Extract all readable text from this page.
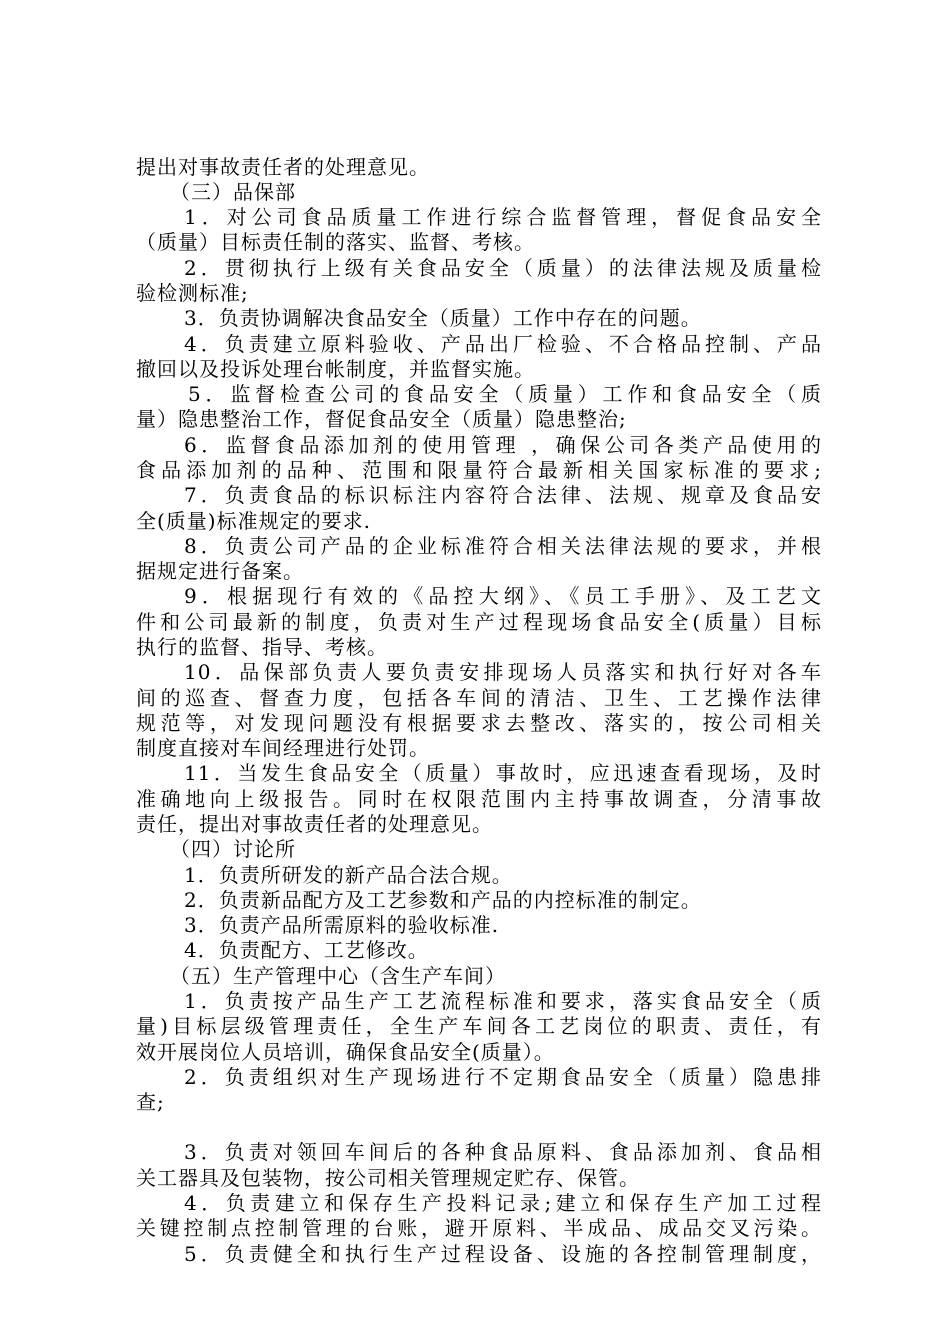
提出对事故责任者的处理意见。
（三）品保部
1．对公司食品质量工作进行综合监督管理，督促食品安全
（质量）目标责任制的落实、监督、考核。
2．贯彻执行上级有关食品安全（质量）的法律法规及质量检
验检测标准;
3．负责协调解决食品安全（质量）工作中存在的问题。
4．负责建立原料验收、产品出厂检验、不合格品控制、产品
撤回以及投诉处理台帐制度，并监督实施。
5．监督检查公司的食品安全（质量）工作和食品安全（质
量）隐患整治工作，督促食品安全（质量）隐患整治;
6．监督食品添加剂的使用管理 ，确保公司各类产品使用的
食品添加剂的品种、范围和限量符合最新相关国家标准的要求;
7．负责食品的标识标注内容符合法律、法规、规章及食品安
全(质量)标准规定的要求.
8．负责公司产品的企业标准符合相关法律法规的要求，并根
据规定进行备案。
9．根据现行有效的《品控大纲》、《员工手册》、及工艺文
件和公司最新的制度，负责对生产过程现场食品安全(质量）目标
执行的监督、指导、考核。
10．品保部负责人要负责安排现场人员落实和执行好对各车
间的巡查、督查力度，包括各车间的清洁、卫生、工艺操作法律
规范等，对发现问题没有根据要求去整改、落实的，按公司相关
制度直接对车间经理进行处罚。
11．当发生食品安全（质量）事故时，应迅速查看现场，及时
准确地向上级报告。同时在权限范围内主持事故调查，分清事故
责任，提出对事故责任者的处理意见。
（四）讨论所
1．负责所研发的新产品合法合规。
2．负责新品配方及工艺参数和产品的内控标准的制定。
3．负责产品所需原料的验收标准.
4．负责配方、工艺修改。
（五）生产管理中心（含生产车间）
1．负责按产品生产工艺流程标准和要求，落实食品安全（质
量)目标层级管理责任，全生产车间各工艺岗位的职责、责任，有
效开展岗位人员培训，确保食品安全(质量）。
2．负责组织对生产现场进行不定期食品安全（质量）隐患排
查;
3．负责对领回车间后的各种食品原料、食品添加剂、食品相
关工器具及包装物，按公司相关管理规定贮存、保管。
4．负责建立和保存生产投料记录;建立和保存生产加工过程
关键控制点控制管理的台账，避开原料、半成品、成品交叉污染。
5．负责健全和执行生产过程设备、设施的各控制管理制度，
